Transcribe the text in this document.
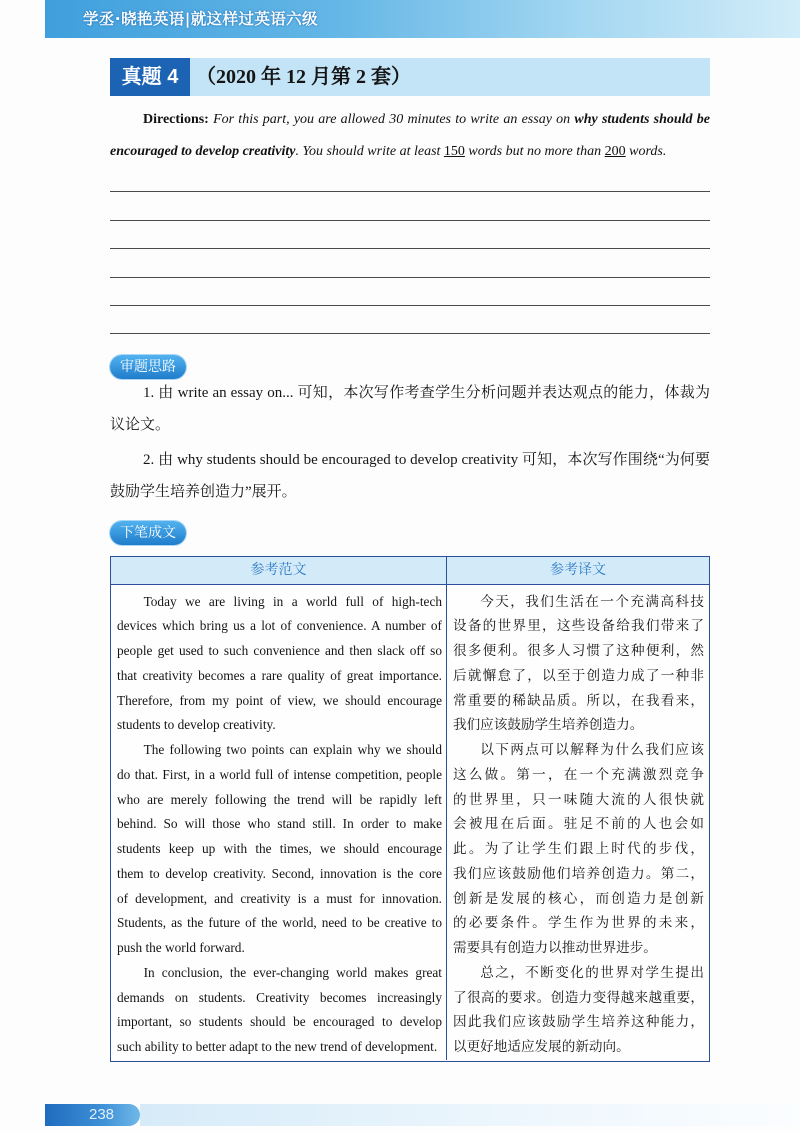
学丞·晓艳英语|就这样过英语六级
真题 4 （2020 年 12 月第 2 套）

Directions: For this part, you are allowed 30 minutes to write an essay on why students should be encouraged to develop creativity. You should write at least 150 words but no more than 200 words.

审题思路

1. 由 write an essay on... 可知，本次写作考查学生分析问题并表达观点的能力，体裁为议论文。

2. 由 why students should be encouraged to develop creativity 可知，本次写作围绕“为何要鼓励学生培养创造力”展开。

下笔成文
参考范文	参考译文
Today we are living in a world full of high-tech
devices which bring us a lot of convenience. A number of
people get used to such convenience and then slack off so
that creativity becomes a rare quality of great importance.
Therefore, from my point of view, we should encourage
students to develop creativity.
The following two points can explain why we should
do that. First, in a world full of intense competition, people
who are merely following the trend will be rapidly left
behind. So will those who stand still. In order to make
students keep up with the times, we should encourage
them to develop creativity. Second, innovation is the core
of development, and creativity is a must for innovation.
Students, as the future of the world, need to be creative to
push the world forward.
In conclusion, the ever-changing world makes great
demands on students. Creativity becomes increasingly
important, so students should be encouraged to develop
such ability to better adapt to the new trend of development.
今天，我们生活在一个充满高科技
设备的世界里，这些设备给我们带来了
很多便利。很多人习惯了这种便利，然
后就懈怠了，以至于创造力成了一种非
常重要的稀缺品质。所以，在我看来，
我们应该鼓励学生培养创造力。
以下两点可以解释为什么我们应该
这么做。第一，在一个充满激烈竞争
的世界里，只一味随大流的人很快就
会被甩在后面。驻足不前的人也会如
此。为了让学生们跟上时代的步伐，
我们应该鼓励他们培养创造力。第二，
创新是发展的核心，而创造力是创新
的必要条件。学生作为世界的未来，
需要具有创造力以推动世界进步。
总之，不断变化的世界对学生提出
了很高的要求。创造力变得越来越重要，
因此我们应该鼓励学生培养这种能力，
以更好地适应发展的新动向。
238
